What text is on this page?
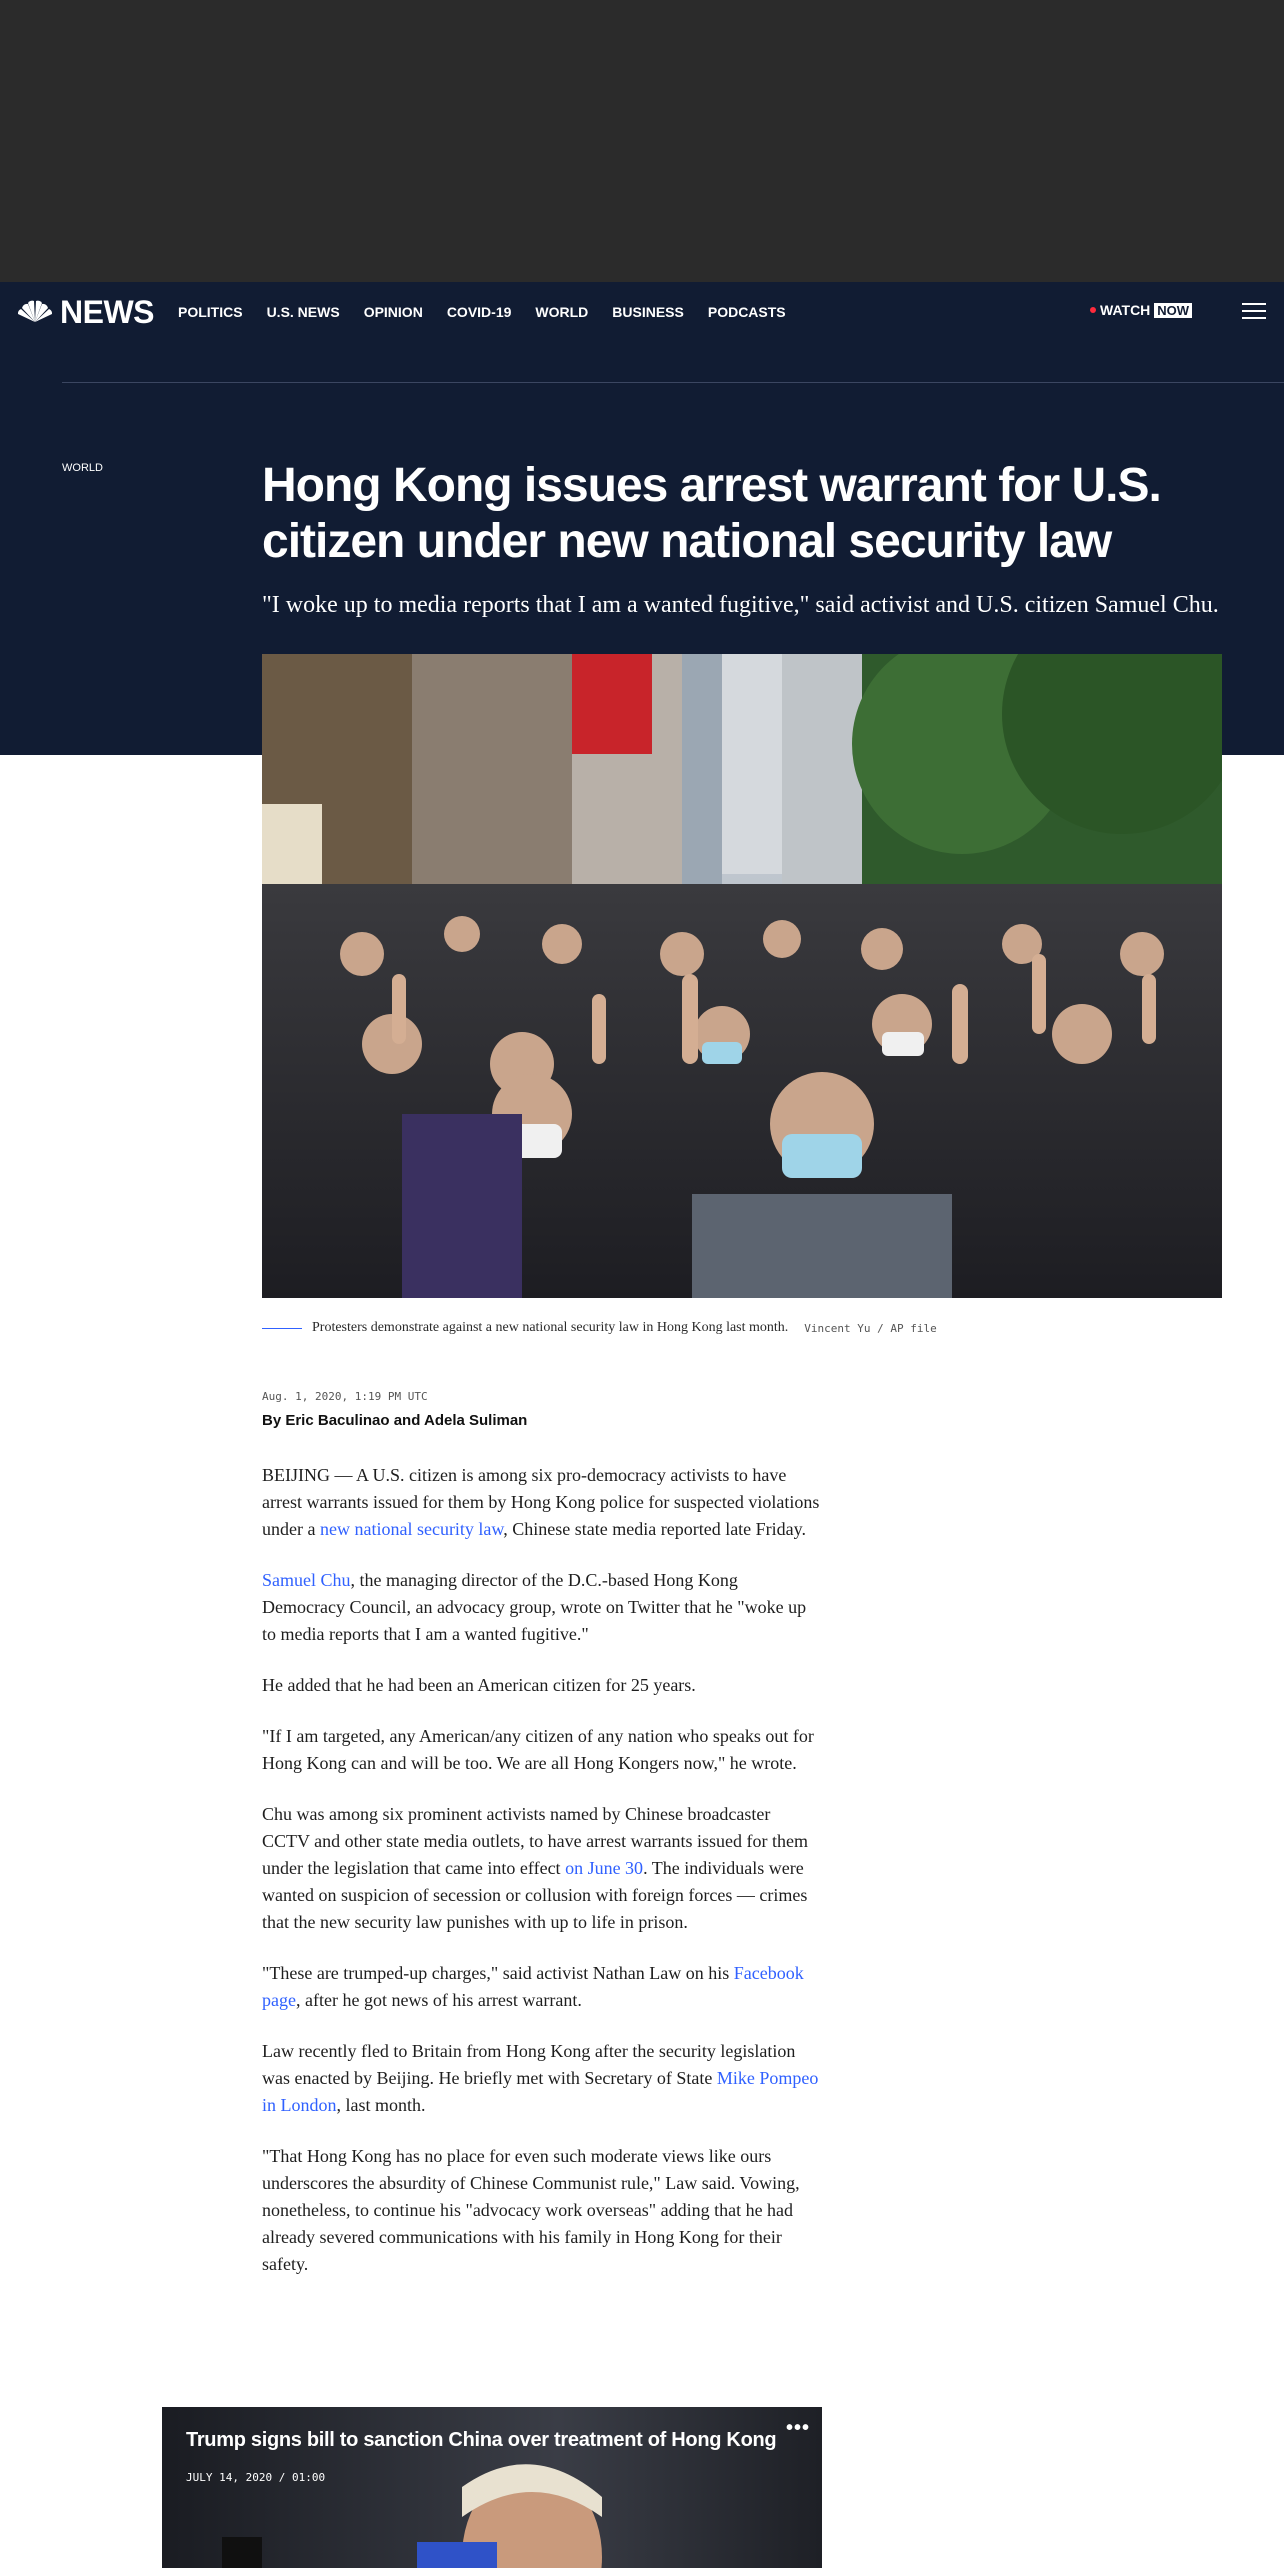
NEWS POLITICS U.S. NEWS OPINION COVID-19 WORLD BUSINESS PODCASTS	WATCH NOW
WORLD	Hong Kong issues arrest warrant for U.S. citizen under new national security law
"I woke up to media reports that I am a wanted fugitive," said activist and U.S. citizen Samuel Chu.
Protesters demonstrate against a new national security law in Hong Kong last month. Vincent Yu / AP file
Aug. 1, 2020, 1:19 PM UTC
By Eric Baculinao and Adela Suliman

BEIJING — A U.S. citizen is among six pro-democracy activists to have arrest warrants issued for them by Hong Kong police for suspected violations under a new national security law, Chinese state media reported late Friday.

Samuel Chu, the managing director of the D.C.-based Hong Kong Democracy Council, an advocacy group, wrote on Twitter that he "woke up to media reports that I am a wanted fugitive."

He added that he had been an American citizen for 25 years.

"If I am targeted, any American/any citizen of any nation who speaks out for Hong Kong can and will be too. We are all Hong Kongers now," he wrote.

Chu was among six prominent activists named by Chinese broadcaster CCTV and other state media outlets, to have arrest warrants issued for them under the legislation that came into effect on June 30. The individuals were wanted on suspicion of secession or collusion with foreign forces — crimes that the new security law punishes with up to life in prison.

"These are trumped-up charges," said activist Nathan Law on his Facebook page, after he got news of his arrest warrant.

Law recently fled to Britain from Hong Kong after the security legislation was enacted by Beijing. He briefly met with Secretary of State Mike Pompeo in London, last month.

"That Hong Kong has no place for even such moderate views like ours underscores the absurdity of Chinese Communist rule," Law said. Vowing, nonetheless, to continue his "advocacy work overseas" adding that he had already severed communications with his family in Hong Kong for their safety.

Trump signs bill to sanction China over treatment of Hong Kong
JULY 14, 2020 / 01:00
•••
